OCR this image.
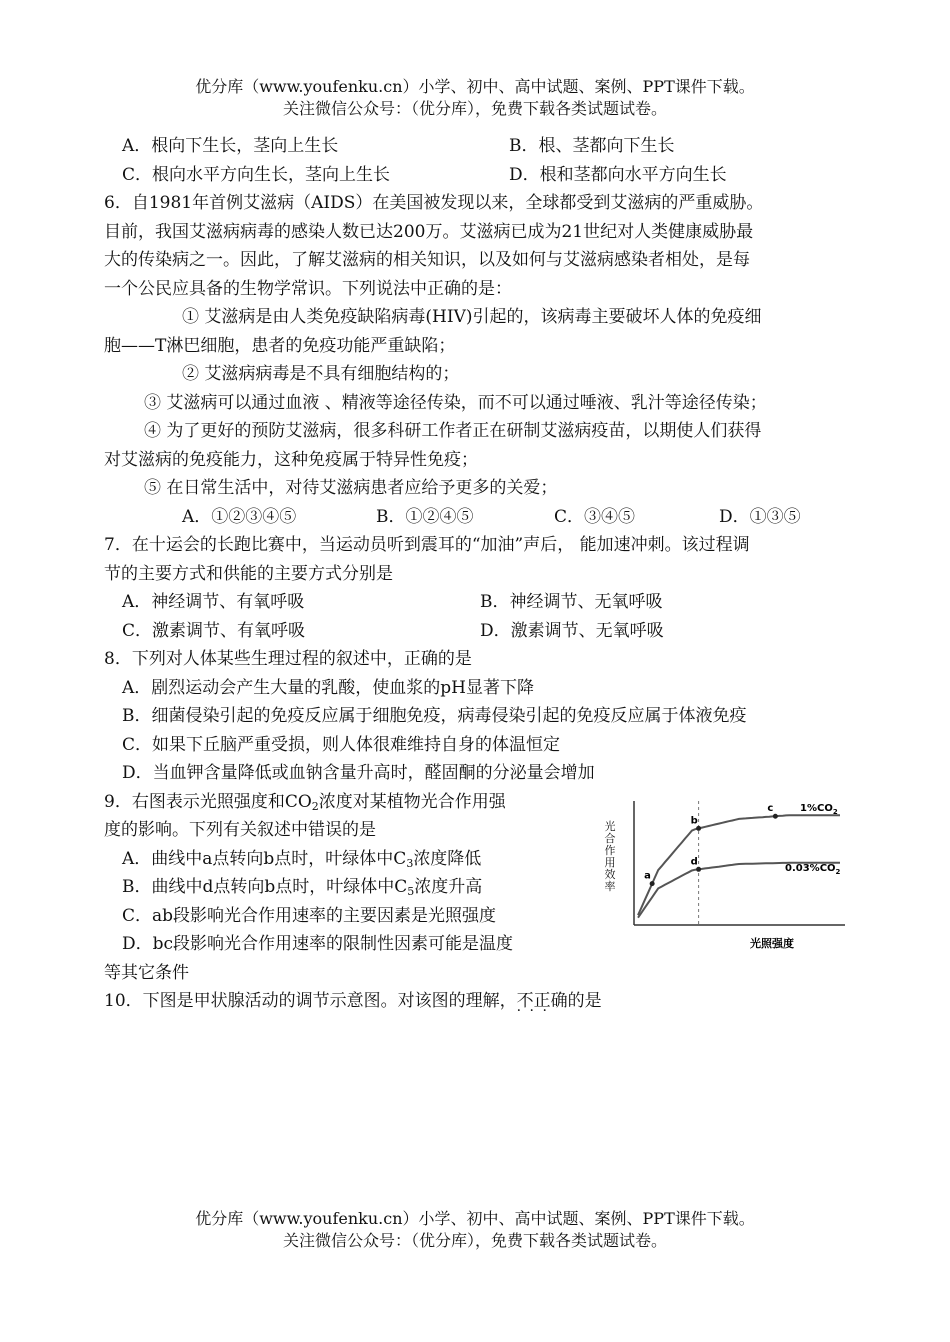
优分库（www.youfenku.cn）小学、初中、高中试题、案例、PPT课件下载。
关注微信公众号：（优分库），免费下载各类试题试卷。
A．根向下生长，茎向上生长	B．根、茎都向下生长
C．根向水平方向生长，茎向上生长	D．根和茎都向水平方向生长
6．自1981年首例艾滋病（AIDS）在美国被发现以来，全球都受到艾滋病的严重威胁。
目前，我国艾滋病病毒的感染人数已达200万。艾滋病已成为21世纪对人类健康威胁最
大的传染病之一。因此，了解艾滋病的相关知识，以及如何与艾滋病感染者相处，是每
一个公民应具备的生物学常识。下列说法中正确的是：
① 艾滋病是由人类免疫缺陷病毒(HIV)引起的，该病毒主要破坏人体的免疫细
胞——T淋巴细胞，患者的免疫功能严重缺陷；
② 艾滋病病毒是不具有细胞结构的；
③ 艾滋病可以通过血液 、精液等途径传染，而不可以通过唾液、乳汁等途径传染；
④ 为了更好的预防艾滋病，很多科研工作者正在研制艾滋病疫苗，以期使人们获得
对艾滋病的免疫能力，这种免疫属于特异性免疫；
⑤ 在日常生活中，对待艾滋病患者应给予更多的关爱；
A．①②③④⑤	B．①②④⑤	C．③④⑤	D．①③⑤
7．在十运会的长跑比赛中，当运动员听到震耳的“加油”声后， 能加速冲刺。该过程调
节的主要方式和供能的主要方式分别是
A．神经调节、有氧呼吸	B．神经调节、无氧呼吸
C．激素调节、有氧呼吸	D．激素调节、无氧呼吸
8．下列对人体某些生理过程的叙述中，正确的是
A．剧烈运动会产生大量的乳酸，使血浆的pH显著下降
B．细菌侵染引起的免疫反应属于细胞免疫，病毒侵染引起的免疫反应属于体液免疫
C．如果下丘脑严重受损，则人体很难维持自身的体温恒定
D．当血钾含量降低或血钠含量升高时，醛固酮的分泌量会增加
9．右图表示光照强度和$CO_2$浓度对某植物光合作用强
度的影响。下列有关叙述中错误的是
A．曲线中a点转向b点时，叶绿体中$C_3$浓度降低
B．曲线中d点转向b点时，叶绿体中$C_5$浓度升高
C．ab段影响光合作用速率的主要因素是光照强度
D．bc段影响光合作用速率的限制性因素可能是温度
等其它条件
10．下图是甲状腺活动的调节示意图。对该图的理解，不正确 · · ·的是
光合作用效率
a
b
c
d
$1\%CO_2$
$0.03\%CO_2$
光照强度
优分库（www.youfenku.cn）小学、初中、高中试题、案例、PPT课件下载。
关注微信公众号：（优分库），免费下载各类试题试卷。
